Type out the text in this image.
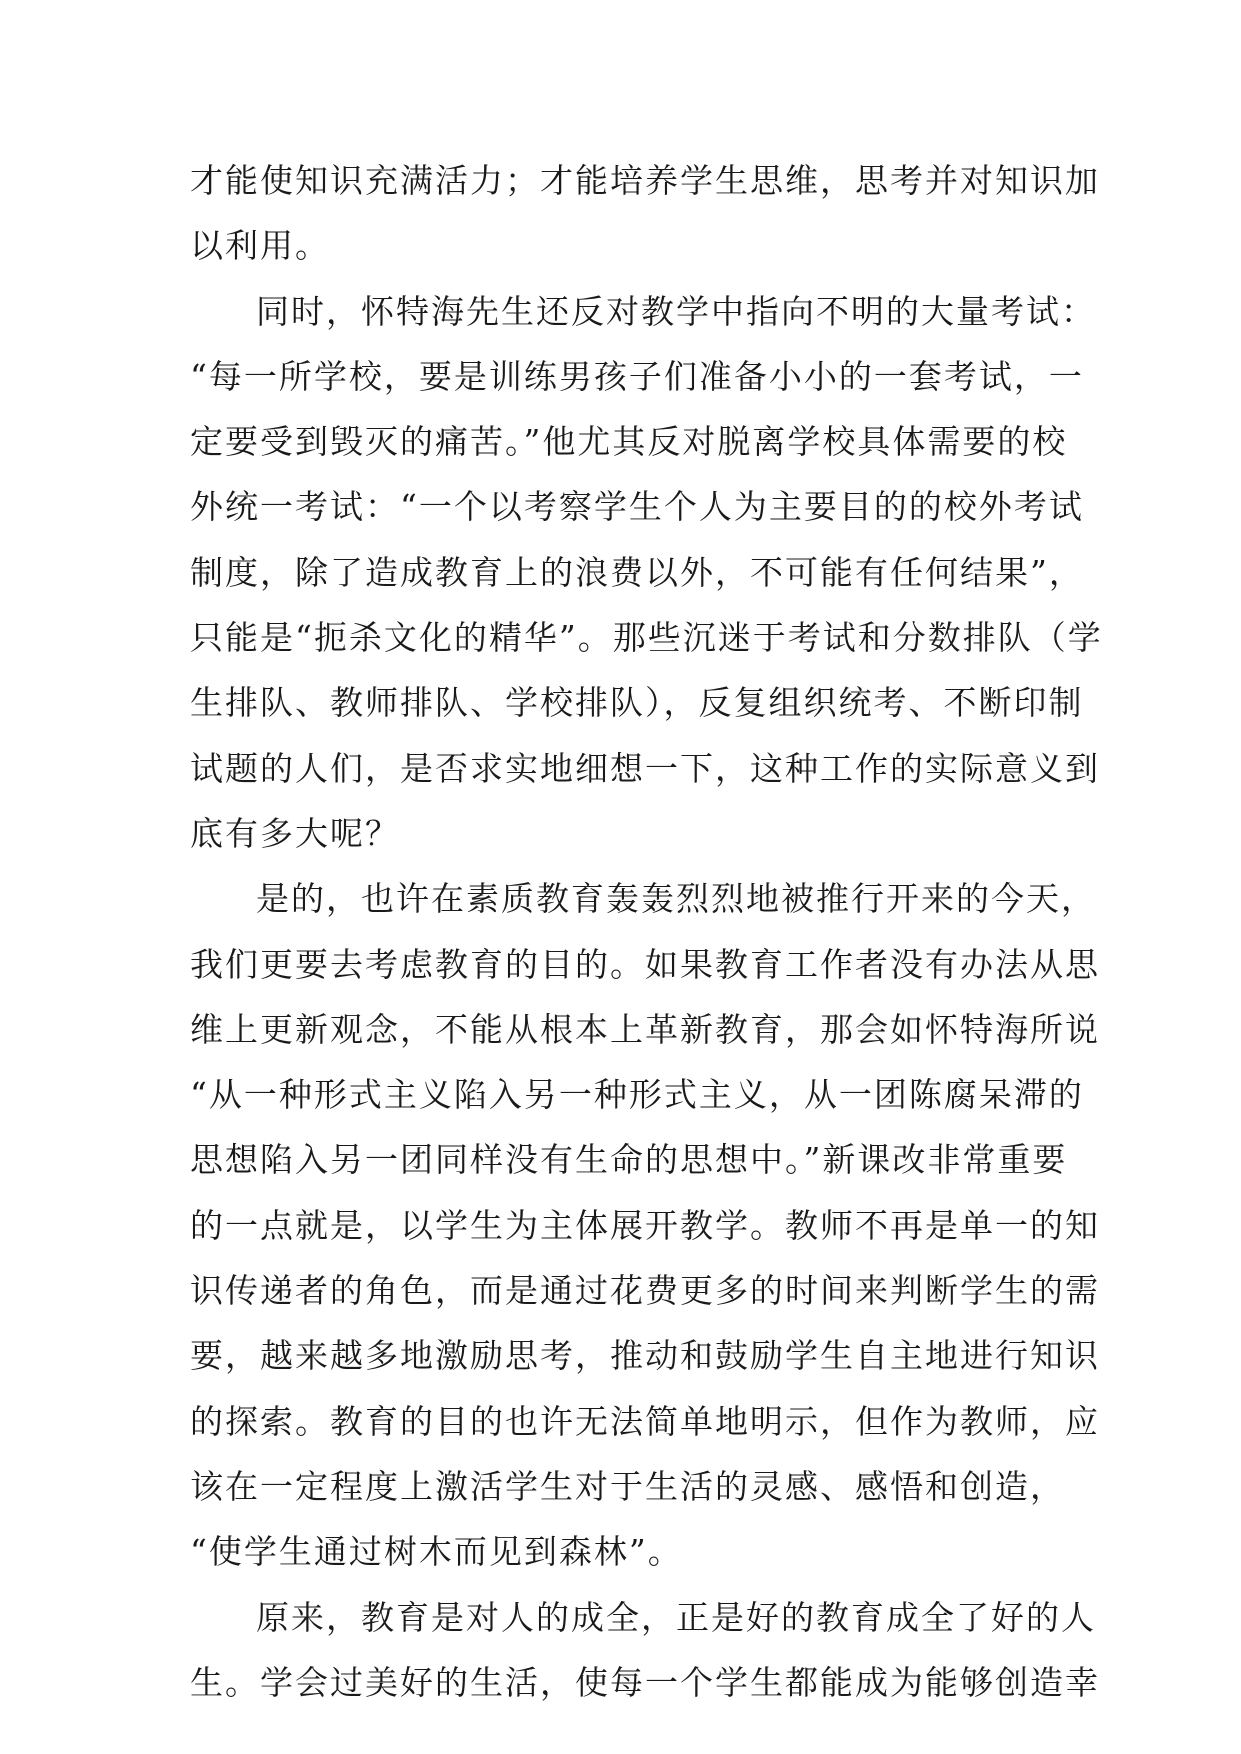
才能使知识充满活力；才能培养学生思维，思考并对知识加
以利用。
同时，怀特海先生还反对教学中指向不明的大量考试：
“每一所学校，要是训练男孩子们准备小小的一套考试，一
定要受到毁灭的痛苦。”他尤其反对脱离学校具体需要的校
外统一考试：“一个以考察学生个人为主要目的的校外考试
制度，除了造成教育上的浪费以外，不可能有任何结果”，
只能是“扼杀文化的精华”。那些沉迷于考试和分数排队（学
生排队、教师排队、学校排队），反复组织统考、不断印制
试题的人们，是否求实地细想一下，这种工作的实际意义到
底有多大呢？
是的，也许在素质教育轰轰烈烈地被推行开来的今天，
我们更要去考虑教育的目的。如果教育工作者没有办法从思
维上更新观念，不能从根本上革新教育，那会如怀特海所说
“从一种形式主义陷入另一种形式主义，从一团陈腐呆滞的
思想陷入另一团同样没有生命的思想中。”新课改非常重要
的一点就是，以学生为主体展开教学。教师不再是单一的知
识传递者的角色，而是通过花费更多的时间来判断学生的需
要，越来越多地激励思考，推动和鼓励学生自主地进行知识
的探索。教育的目的也许无法简单地明示，但作为教师，应
该在一定程度上激活学生对于生活的灵感、感悟和创造，
“使学生通过树木而见到森林”。
原来，教育是对人的成全，正是好的教育成全了好的人
生。学会过美好的生活，使每一个学生都能成为能够创造幸
